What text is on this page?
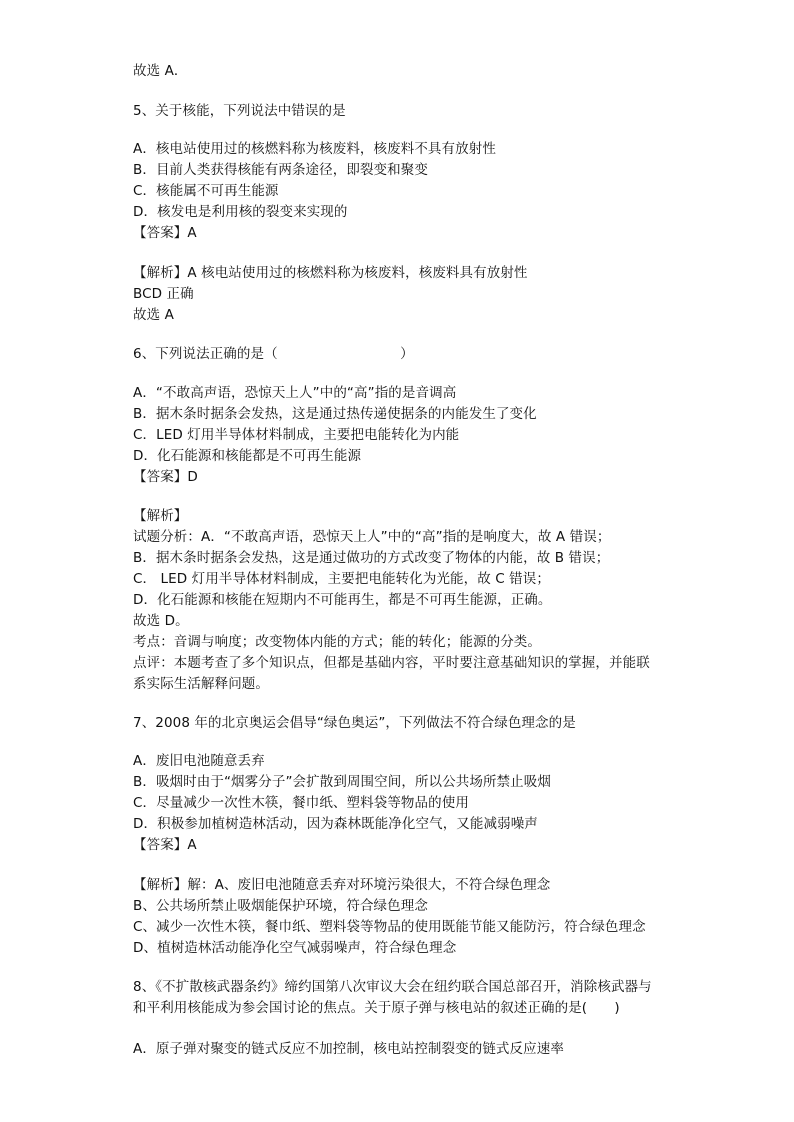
故选 A．
5、关于核能，下列说法中错误的是
A．核电站使用过的核燃料称为核废料，核废料不具有放射性
B．目前人类获得核能有两条途径，即裂变和聚变
C．核能属不可再生能源
D．核发电是利用核的裂变来实现的
【答案】A
【解析】A 核电站使用过的核燃料称为核废料，核废料具有放射性
BCD 正确
故选 A
6、下列说法正确的是（　　　　　　　　　）
A．“不敢高声语，恐惊天上人”中的“高”指的是音调高
B．据木条时据条会发热，这是通过热传递使据条的内能发生了变化
C．LED 灯用半导体材料制成，主要把电能转化为内能
D．化石能源和核能都是不可再生能源
【答案】D
【解析】
试题分析：A．“不敢高声语，恐惊天上人”中的“高”指的是响度大，故 A 错误；
B．据木条时据条会发热，这是通过做功的方式改变了物体的内能，故 B 错误；
C． LED 灯用半导体材料制成，主要把电能转化为光能，故 C 错误；
D．化石能源和核能在短期内不可能再生，都是不可再生能源，正确。
故选 D。
考点：音调与响度；改变物体内能的方式；能的转化；能源的分类。
点评：本题考查了多个知识点，但都是基础内容，平时要注意基础知识的掌握，并能联
系实际生活解释问题。
7、2008 年的北京奥运会倡导“绿色奥运”，下列做法不符合绿色理念的是
A．废旧电池随意丢弃
B．吸烟时由于“烟雾分子”会扩散到周围空间，所以公共场所禁止吸烟
C．尽量减少一次性木筷，餐巾纸、塑料袋等物品的使用
D．积极参加植树造林活动，因为森林既能净化空气，又能减弱噪声
【答案】A
【解析】解：A、废旧电池随意丢弃对环境污染很大，不符合绿色理念
B、公共场所禁止吸烟能保护环境，符合绿色理念
C、减少一次性木筷，餐巾纸、塑料袋等物品的使用既能节能又能防污，符合绿色理念
D、植树造林活动能净化空气减弱噪声，符合绿色理念
8、《不扩散核武器条约》缔约国第八次审议大会在纽约联合国总部召开，消除核武器与
和平利用核能成为参会国讨论的焦点。关于原子弹与核电站的叙述正确的是(　　)
A．原子弹对聚变的链式反应不加控制，核电站控制裂变的链式反应速率
